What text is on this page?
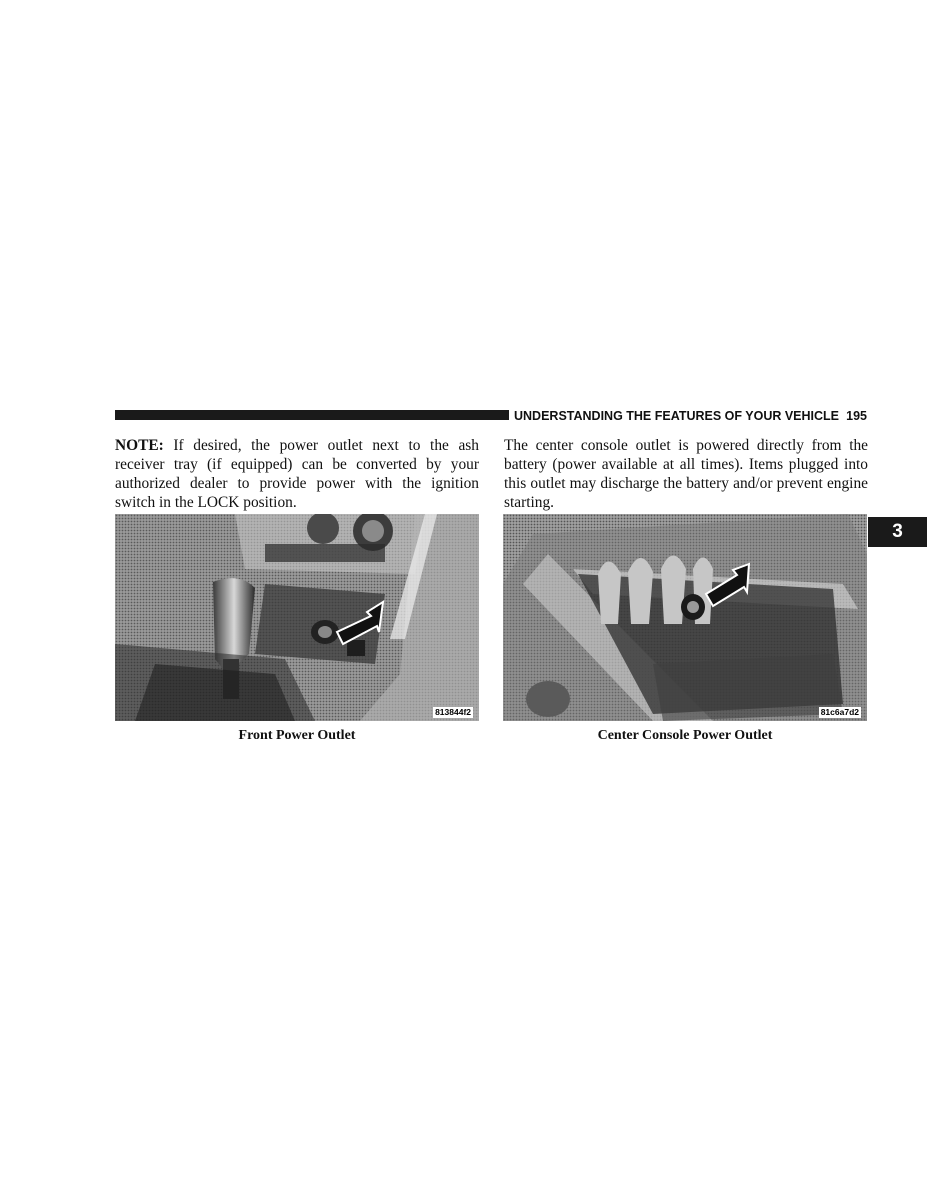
UNDERSTANDING THE FEATURES OF YOUR VEHICLE 195
3

NOTE: If desired, the power outlet next to the ash receiver tray (if equipped) can be converted by your authorized dealer to provide power with the ignition switch in the LOCK position.

The center console outlet is powered directly from the battery (power available at all times). Items plugged into this outlet may discharge the battery and/or prevent engine starting.

813844f2	81c6a7d2
Front Power Outlet	Center Console Power Outlet
